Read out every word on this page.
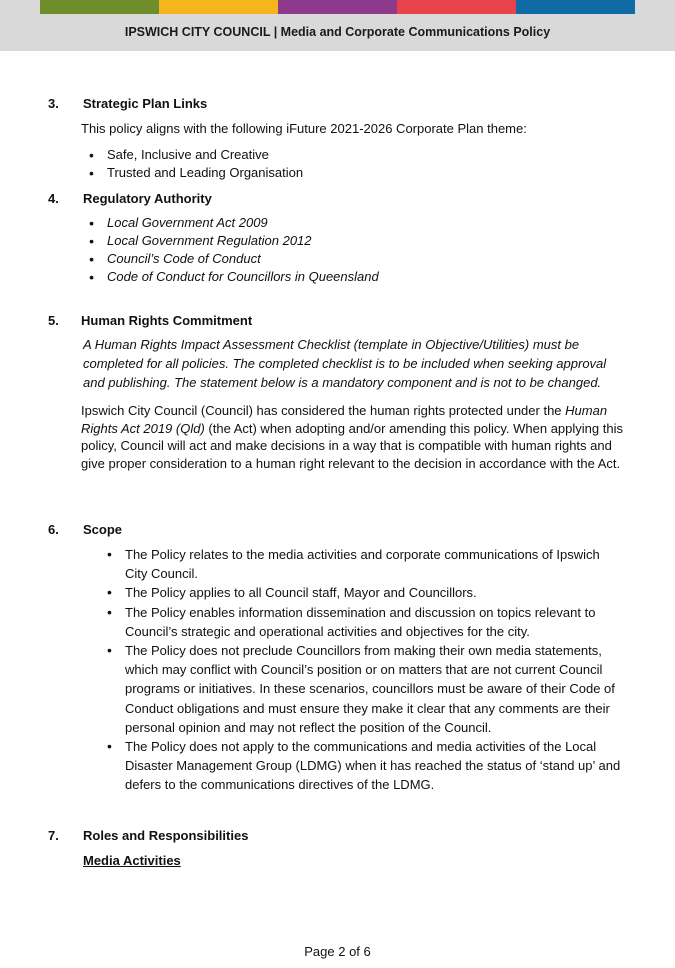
IPSWICH CITY COUNCIL | Media and Corporate Communications Policy
3. Strategic Plan Links
This policy aligns with the following iFuture 2021-2026 Corporate Plan theme:
• Safe, Inclusive and Creative
• Trusted and Leading Organisation
4. Regulatory Authority
• Local Government Act 2009
• Local Government Regulation 2012
• Council’s Code of Conduct
• Code of Conduct for Councillors in Queensland
5. Human Rights Commitment
A Human Rights Impact Assessment Checklist (template in Objective/Utilities) must be completed for all policies. The completed checklist is to be included when seeking approval and publishing. The statement below is a mandatory component and is not to be changed.
Ipswich City Council (Council) has considered the human rights protected under the Human Rights Act 2019 (Qld) (the Act) when adopting and/or amending this policy. When applying this policy, Council will act and make decisions in a way that is compatible with human rights and give proper consideration to a human right relevant to the decision in accordance with the Act.
6. Scope
• The Policy relates to the media activities and corporate communications of Ipswich City Council.
• The Policy applies to all Council staff, Mayor and Councillors.
• The Policy enables information dissemination and discussion on topics relevant to Council’s strategic and operational activities and objectives for the city.
• The Policy does not preclude Councillors from making their own media statements, which may conflict with Council’s position or on matters that are not current Council programs or initiatives. In these scenarios, councillors must be aware of their Code of Conduct obligations and must ensure they make it clear that any comments are their personal opinion and may not reflect the position of the Council.
• The Policy does not apply to the communications and media activities of the Local Disaster Management Group (LDMG) when it has reached the status of ‘stand up’ and defers to the communications directives of the LDMG.
7. Roles and Responsibilities
Media Activities
Page 2 of 6
